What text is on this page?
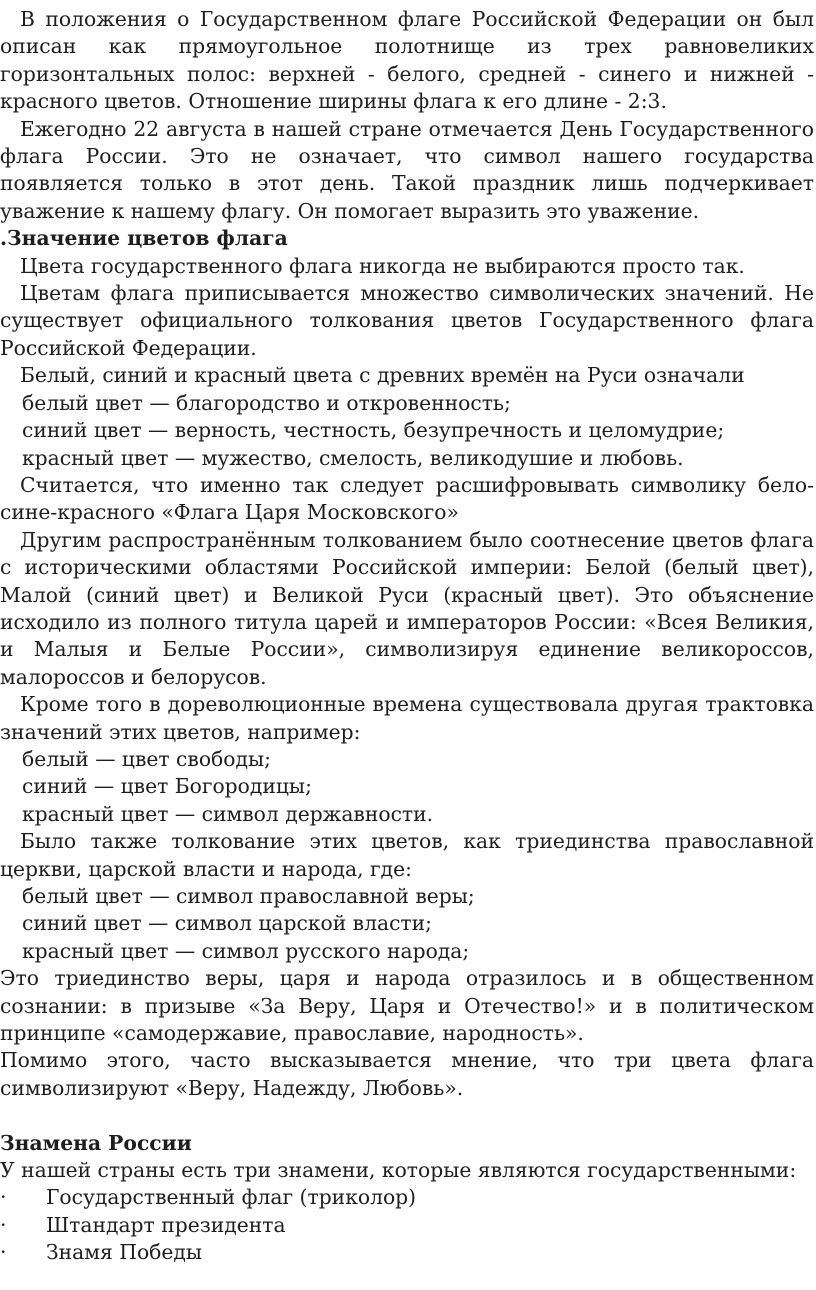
В положения о Государственном флаге Российской Федерации он был описан как прямоугольное полотнище из трех равновеликих горизонтальных полос: верхней - белого, средней - синего и нижней - красного цветов. Отношение ширины флага к его длине - 2:3.

Ежегодно 22 августа в нашей стране отмечается День Государственного флага России. Это не означает, что символ нашего государства появляется только в этот день. Такой праздник лишь подчеркивает уважение к нашему флагу. Он помогает выразить это уважение.

.Значение цветов флага

Цвета государственного флага никогда не выбираются просто так.

Цветам флага приписывается множество символических значений. Не существует официального толкования цветов Государственного флага Российской Федерации.

Белый, синий и красный цвета с древних времён на Руси означали

белый цвет — благородство и откровенность;

синий цвет — верность, честность, безупречность и целомудрие;

красный цвет — мужество, смелость, великодушие и любовь.

Считается, что именно так следует расшифровывать символику бело-сине-красного «Флага Царя Московского»

Другим распространённым толкованием было соотнесение цветов флага с историческими областями Российской империи: Белой (белый цвет), Малой (синий цвет) и Великой Руси (красный цвет). Это объяснение исходило из полного титула царей и императоров России: «Всея Великия, и Малыя и Белые России», символизируя единение великороссов, малороссов и белорусов.

Кроме того в дореволюционные времена существовала другая трактовка значений этих цветов, например:

белый — цвет свободы;

синий — цвет Богородицы;

красный цвет — символ державности.

Было также толкование этих цветов, как триединства православной церкви, царской власти и народа, где:

белый цвет — символ православной веры;

синий цвет — символ царской власти;

красный цвет — символ русского народа;

Это триединство веры, царя и народа отразилось и в общественном сознании: в призыве «За Веру, Царя и Отечество!» и в политическом принципе «самодержавие, православие, народность».

Помимо этого, часто высказывается мнение, что три цвета флага символизируют «Веру, Надежду, Любовь».

Знамена России

У нашей страны есть три знамени, которые являются государственными:

·	Государственный флаг (триколор)

·	Штандарт президента

·	Знамя Победы
